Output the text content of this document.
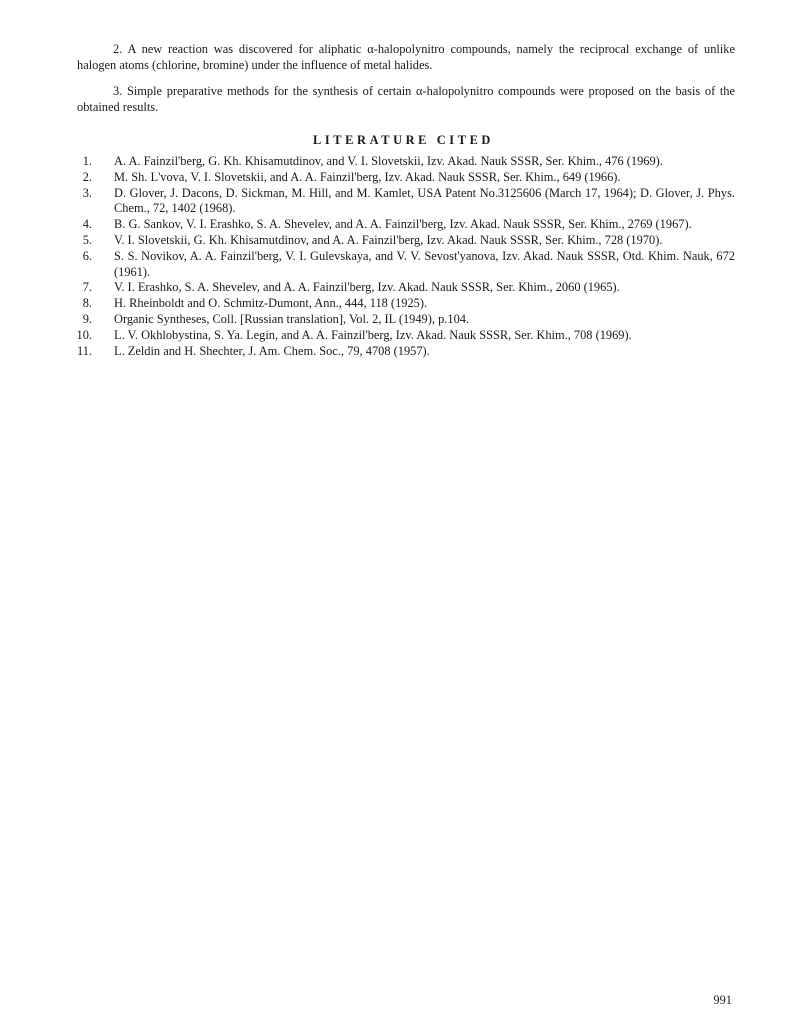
2. A new reaction was discovered for aliphatic α-halopolynitro compounds, namely the reciprocal exchange of unlike halogen atoms (chlorine, bromine) under the influence of metal halides.

3. Simple preparative methods for the synthesis of certain α-halopolynitro compounds were proposed on the basis of the obtained results.

LITERATURE CITED
1. A. A. Fainzil'berg, G. Kh. Khisamutdinov, and V. I. Slovetskii, Izv. Akad. Nauk SSSR, Ser. Khim., 476 (1969).
2. M. Sh. L'vova, V. I. Slovetskii, and A. A. Fainzil'berg, Izv. Akad. Nauk SSSR, Ser. Khim., 649 (1966).
3. D. Glover, J. Dacons, D. Sickman, M. Hill, and M. Kamlet, USA Patent No.3125606 (March 17, 1964); D. Glover, J. Phys. Chem., 72, 1402 (1968).
4. B. G. Sankov, V. I. Erashko, S. A. Shevelev, and A. A. Fainzil'berg, Izv. Akad. Nauk SSSR, Ser. Khim., 2769 (1967).
5. V. I. Slovetskii, G. Kh. Khisamutdinov, and A. A. Fainzil'berg, Izv. Akad. Nauk SSSR, Ser. Khim., 728 (1970).
6. S. S. Novikov, A. A. Fainzil'berg, V. I. Gulevskaya, and V. V. Sevost'yanova, Izv. Akad. Nauk SSSR, Otd. Khim. Nauk, 672 (1961).
7. V. I. Erashko, S. A. Shevelev, and A. A. Fainzil'berg, Izv. Akad. Nauk SSSR, Ser. Khim., 2060 (1965).
8. H. Rheinboldt and O. Schmitz-Dumont, Ann., 444, 118 (1925).
9. Organic Syntheses, Coll. [Russian translation], Vol. 2, IL (1949), p.104.
10. L. V. Okhlobystina, S. Ya. Legin, and A. A. Fainzil'berg, Izv. Akad. Nauk SSSR, Ser. Khim., 708 (1969).
11. L. Zeldin and H. Shechter, J. Am. Chem. Soc., 79, 4708 (1957).
991
